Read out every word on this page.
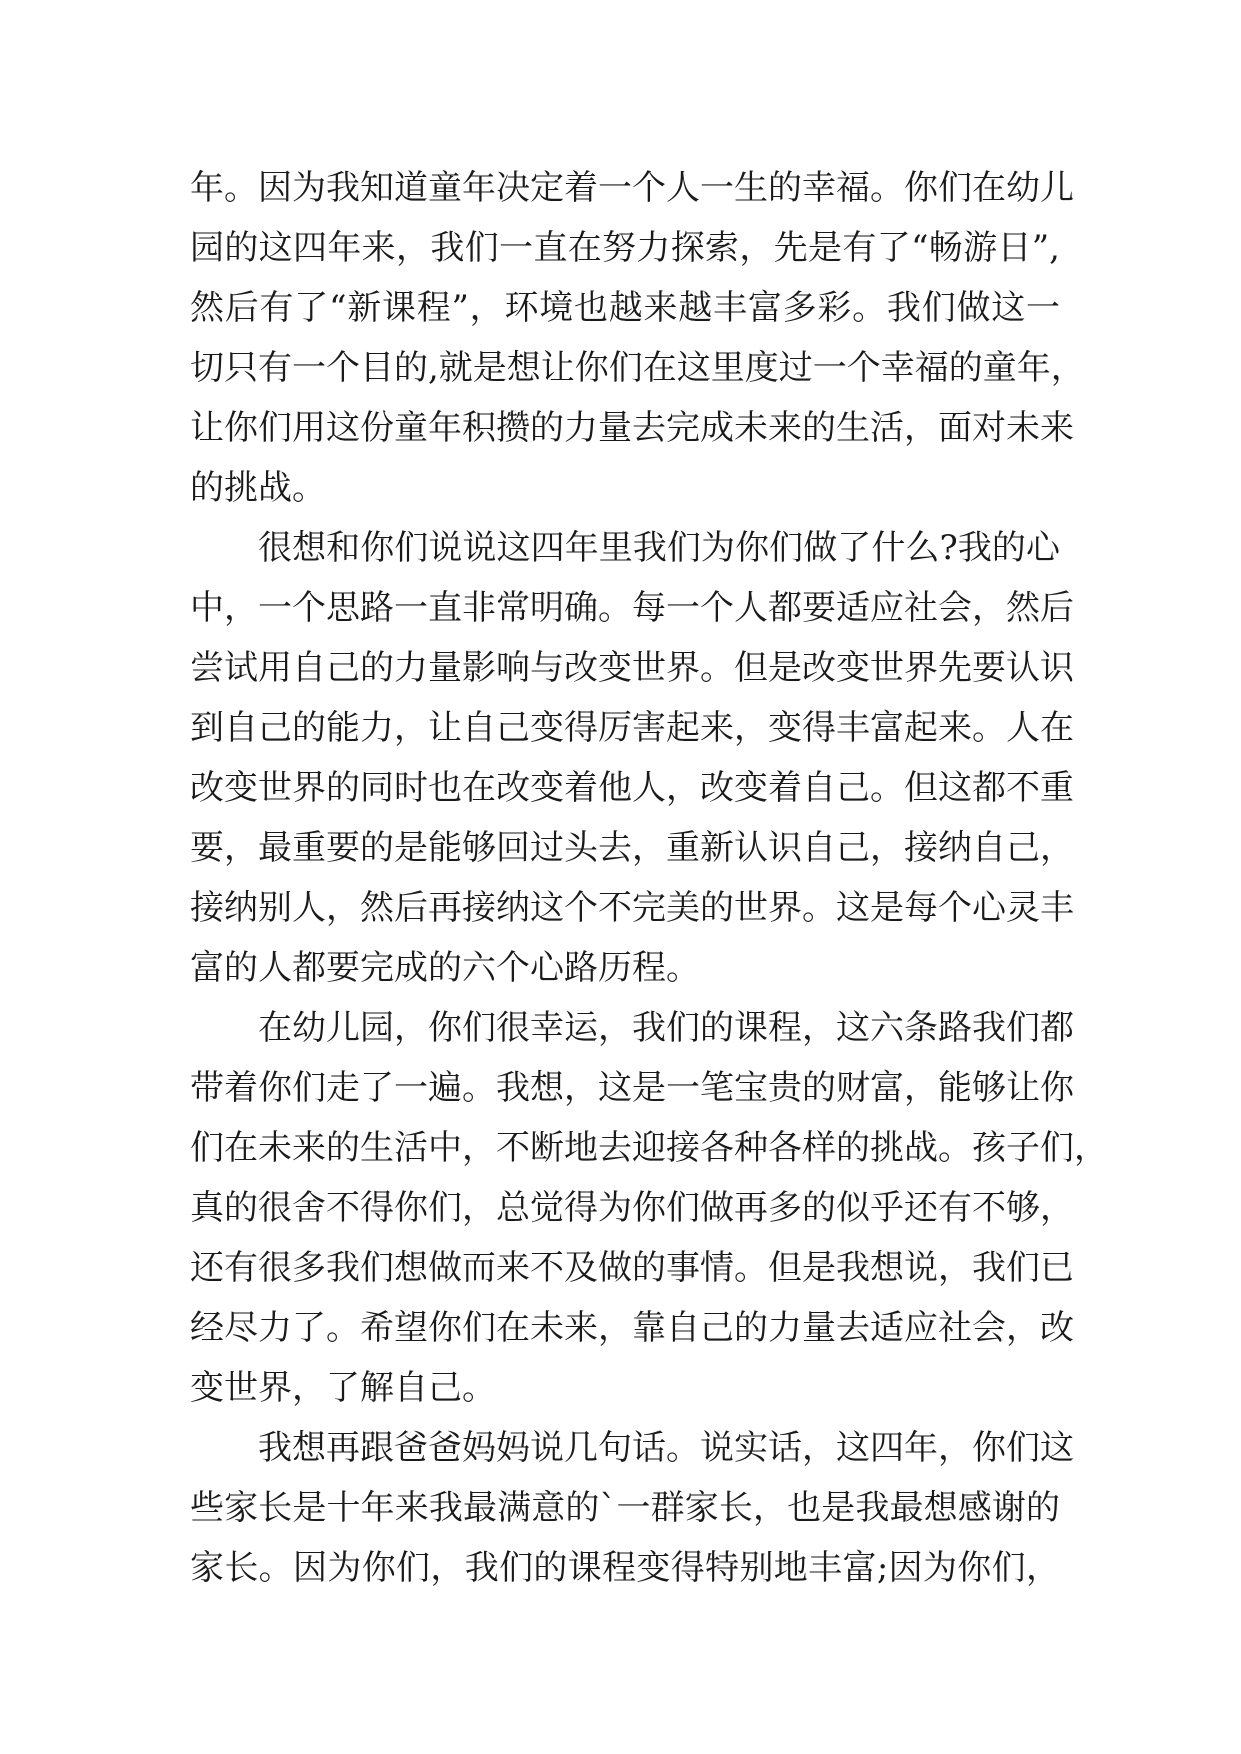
年。因为我知道童年决定着一个人一生的幸福。你们在幼儿
园的这四年来，我们一直在努力探索，先是有了“畅游日”,
然后有了“新课程”，环境也越来越丰富多彩。我们做这一
切只有一个目的,就是想让你们在这里度过一个幸福的童年，
让你们用这份童年积攒的力量去完成未来的生活，面对未来
的挑战。
很想和你们说说这四年里我们为你们做了什么?我的心
中，一个思路一直非常明确。每一个人都要适应社会，然后
尝试用自己的力量影响与改变世界。但是改变世界先要认识
到自己的能力，让自己变得厉害起来，变得丰富起来。人在
改变世界的同时也在改变着他人，改变着自己。但这都不重
要，最重要的是能够回过头去，重新认识自己，接纳自己，
接纳别人，然后再接纳这个不完美的世界。这是每个心灵丰
富的人都要完成的六个心路历程。
在幼儿园，你们很幸运，我们的课程，这六条路我们都
带着你们走了一遍。我想，这是一笔宝贵的财富，能够让你
们在未来的生活中，不断地去迎接各种各样的挑战。孩子们，
真的很舍不得你们，总觉得为你们做再多的似乎还有不够，
还有很多我们想做而来不及做的事情。但是我想说，我们已
经尽力了。希望你们在未来，靠自己的力量去适应社会，改
变世界，了解自己。
我想再跟爸爸妈妈说几句话。说实话，这四年，你们这
些家长是十年来我最满意的`一群家长，也是我最想感谢的
家长。因为你们，我们的课程变得特别地丰富;因为你们，
